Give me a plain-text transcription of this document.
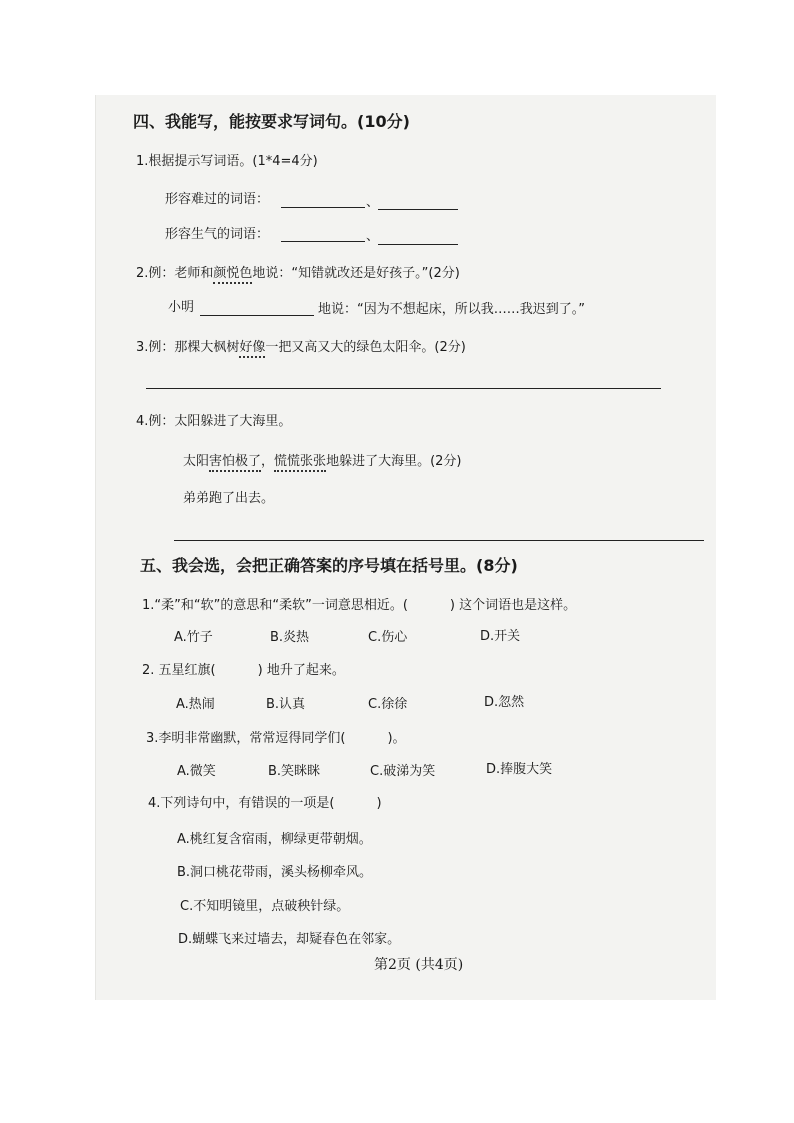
四、我能写，能按要求写词句。(10分)
1.根据提示写词语。(1*4=4分)
形容难过的词语：	、
形容生气的词语：	、
2.例：老师和颜悦色地说：“知错就改还是好孩子。”(2分)
小明	地说：“因为不想起床，所以我……我迟到了。”
3.例：那棵大枫树好像一把又高又大的绿色太阳伞。(2分)
4.例：太阳躲进了大海里。
太阳害怕极了，慌慌张张地躲进了大海里。(2分)
弟弟跑了出去。
五、我会选，会把正确答案的序号填在括号里。(8分)
1.“柔”和“软”的意思和“柔软”一词意思相近。(	) 这个词语也是这样。
A.竹子	B.炎热	C.伤心	D.开关
2. 五星红旗(	) 地升了起来。
A.热闹	B.认真	C.徐徐	D.忽然
3.李明非常幽默，常常逗得同学们(	)。
A.微笑	B.笑眯眯	C.破涕为笑	D.捧腹大笑
4.下列诗句中，有错误的一项是(	)
A.桃红复含宿雨，柳绿更带朝烟。
B.洞口桃花带雨，溪头杨柳牵风。
C.不知明镜里，点破秧针绿。
D.蝴蝶飞来过墙去，却疑春色在邻家。
第2页 (共4页)
